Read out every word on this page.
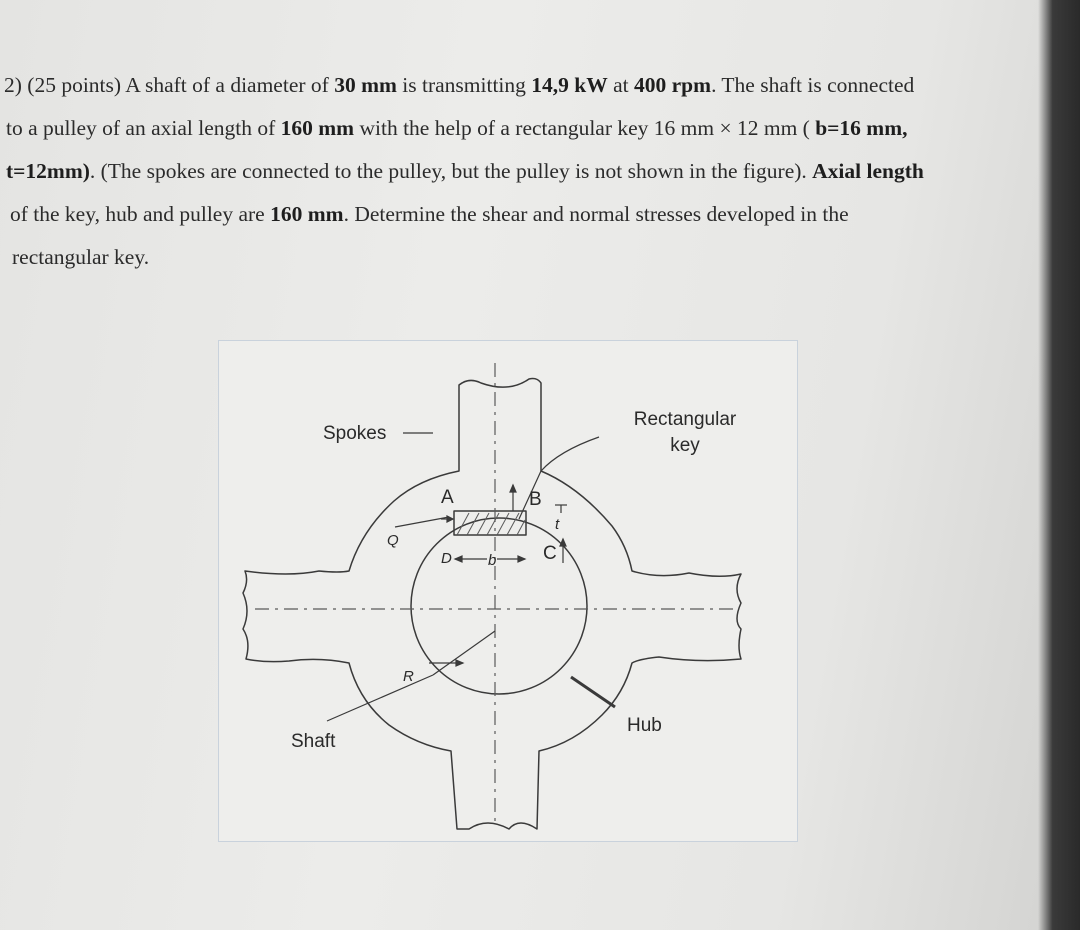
2) (25 points) A shaft of a diameter of 30 mm is transmitting 14,9 kW at 400 rpm. The shaft is connected
to a pulley of an axial length of 160 mm with the help of a rectangular key 16 mm × 12 mm ( b=16 mm,
t=12mm). (The spokes are connected to the pulley, but the pulley is not shown in the figure). Axial length
of the key, hub and pulley are 160 mm. Determine the shear and normal stresses developed in the
rectangular key.
Spokes
Rectangular
key
Shaft
Hub
A	B
C
D
Q
R
b
t
